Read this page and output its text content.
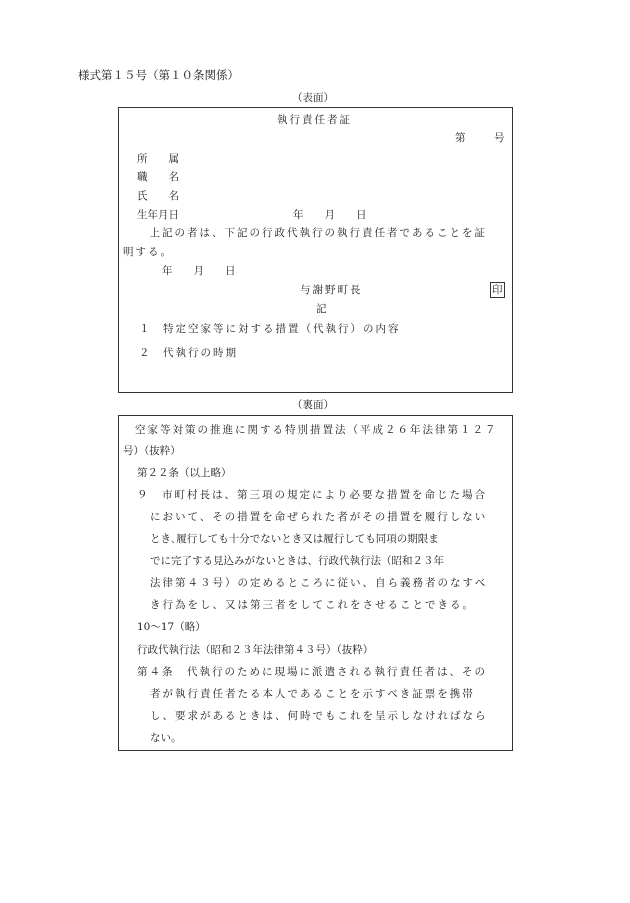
様式第１５号（第１０条関係）
（表面）
執行責任者証
第	号
所　　属
職　　名
氏　　名
生年月日	年　　月　　日
　上記の者は、下記の行政代執行の執行責任者であることを証
明する。
年　　月　　日
与謝野町長	印
記
１ 特定空家等に対する措置（代執行）の内容
２ 代執行の時期
（裏面）
空家等対策の推進に関する特別措置法（平成２６年法律第１２７
号）（抜粋）
第２２条（以上略）
９　市町村長は、第三項の規定により必要な措置を命じた場合
において、その措置を命ぜられた者がその措置を履行しない
とき､履行しても十分でないとき又は履行しても同項の期限ま
でに完了する見込みがないときは、行政代執行法（昭和２３年
法律第４３号）の定めるところに従い、自ら義務者のなすべ
き行為をし、又は第三者をしてこれをさせることできる。
10〜17（略）
行政代執行法（昭和２３年法律第４３号）（抜粋）
第４条　代執行のために現場に派遣される執行責任者は、その
者が執行責任者たる本人であることを示すべき証票を携帯
し、要求があるときは、何時でもこれを呈示しなければなら
ない。
